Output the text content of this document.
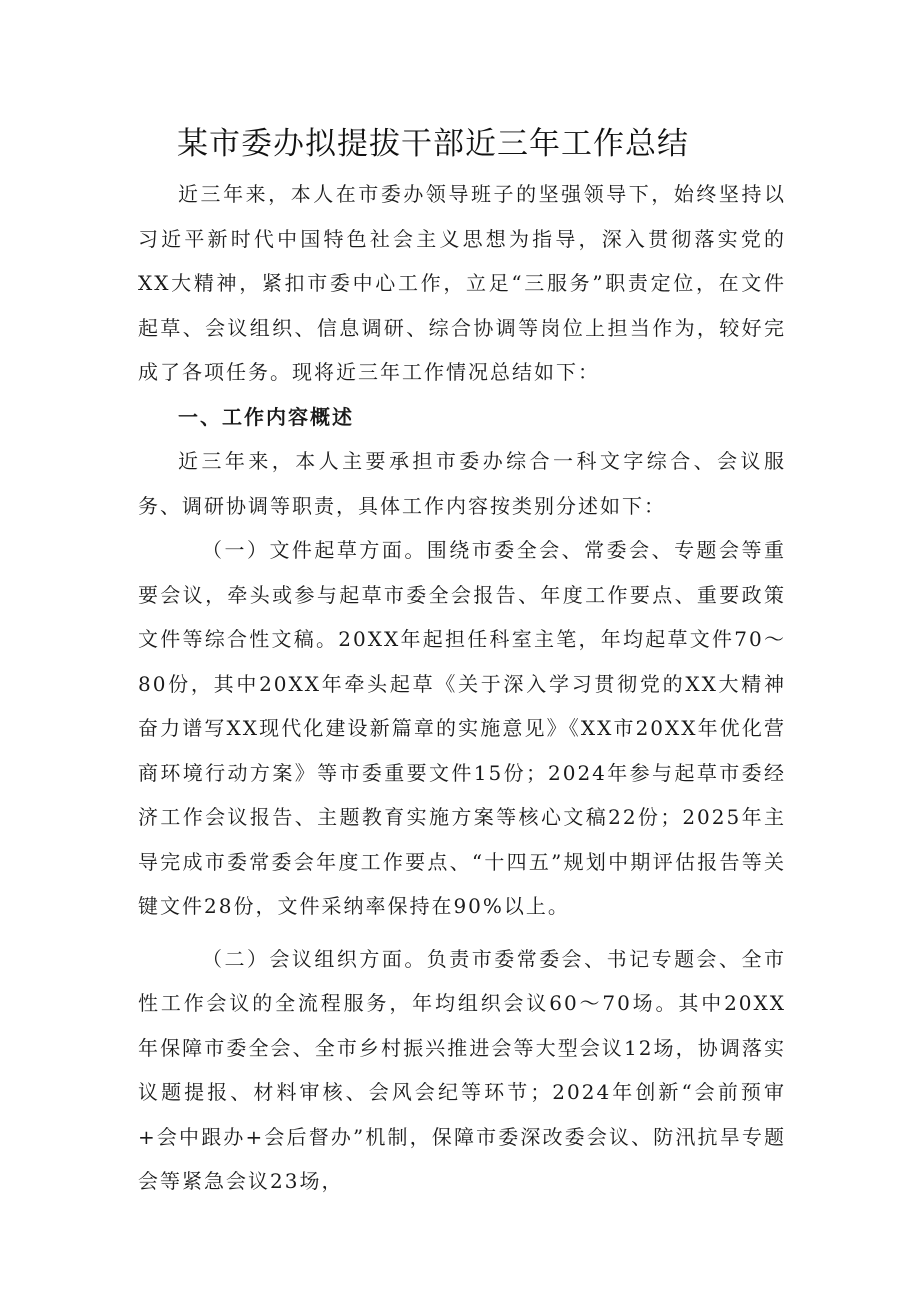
某市委办拟提拔干部近三年工作总结

近三年来，本人在市委办领导班子的坚强领导下，始终坚持以习近平新时代中国特色社会主义思想为指导，深入贯彻落实党的XX大精神，紧扣市委中心工作，立足“三服务”职责定位，在文件起草、会议组织、信息调研、综合协调等岗位上担当作为，较好完成了各项任务。现将近三年工作情况总结如下：

一、工作内容概述

近三年来，本人主要承担市委办综合一科文字综合、会议服务、调研协调等职责，具体工作内容按类别分述如下：

（一）文件起草方面。围绕市委全会、常委会、专题会等重要会议，牵头或参与起草市委全会报告、年度工作要点、重要政策文件等综合性文稿。20XX年起担任科室主笔，年均起草文件70～80份，其中20XX年牵头起草《关于深入学习贯彻党的XX大精神奋力谱写XX现代化建设新篇章的实施意见》《XX市20XX年优化营商环境行动方案》等市委重要文件15份；2024年参与起草市委经济工作会议报告、主题教育实施方案等核心文稿22份；2025年主导完成市委常委会年度工作要点、“十四五”规划中期评估报告等关键文件28份，文件采纳率保持在90%以上。

（二）会议组织方面。负责市委常委会、书记专题会、全市性工作会议的全流程服务，年均组织会议60～70场。其中20XX年保障市委全会、全市乡村振兴推进会等大型会议12场，协调落实议题提报、材料审核、会风会纪等环节；2024年创新“会前预审+会中跟办+会后督办”机制，保障市委深改委会议、防汛抗旱专题会等紧急会议23场，
